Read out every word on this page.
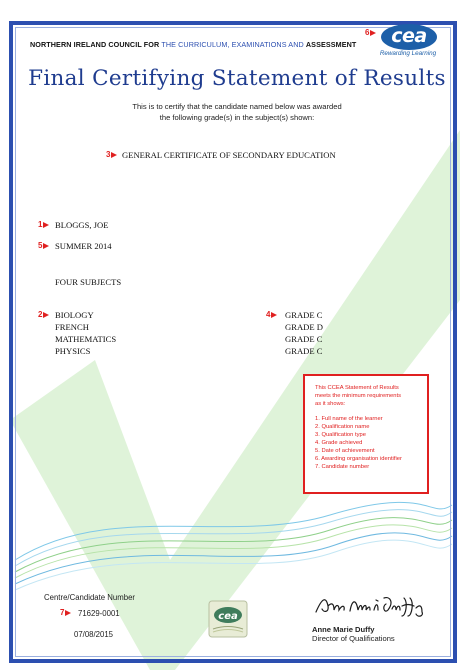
NORTHERN IRELAND COUNCIL FOR THE CURRICULUM, EXAMINATIONS AND ASSESSMENT	cea
Rewarding Learning
6
Final Certifying Statement of Results
This is to certify that the candidate named below was awarded
the following grade(s) in the subject(s) shown:
3 GENERAL CERTIFICATE OF SECONDARY EDUCATION
1 BLOGGS, JOE
5 SUMMER 2014
FOUR SUBJECTS
2	4
BIOLOGY	GRADE C
FRENCH	GRADE D
MATHEMATICS	GRADE C
PHYSICS	GRADE C
This CCEA Statement of Results
meets the minimum requirements
as it shows:
1. Full name of the learner
2. Qualification name
3. Qualification type
4. Grade achieved
5. Date of achievement
6. Awarding organisation identifier
7. Candidate number
Centre/Candidate Number
7 71629-0001
07/08/2015
cea
Anne Marie Duffy
Director of Qualifications
